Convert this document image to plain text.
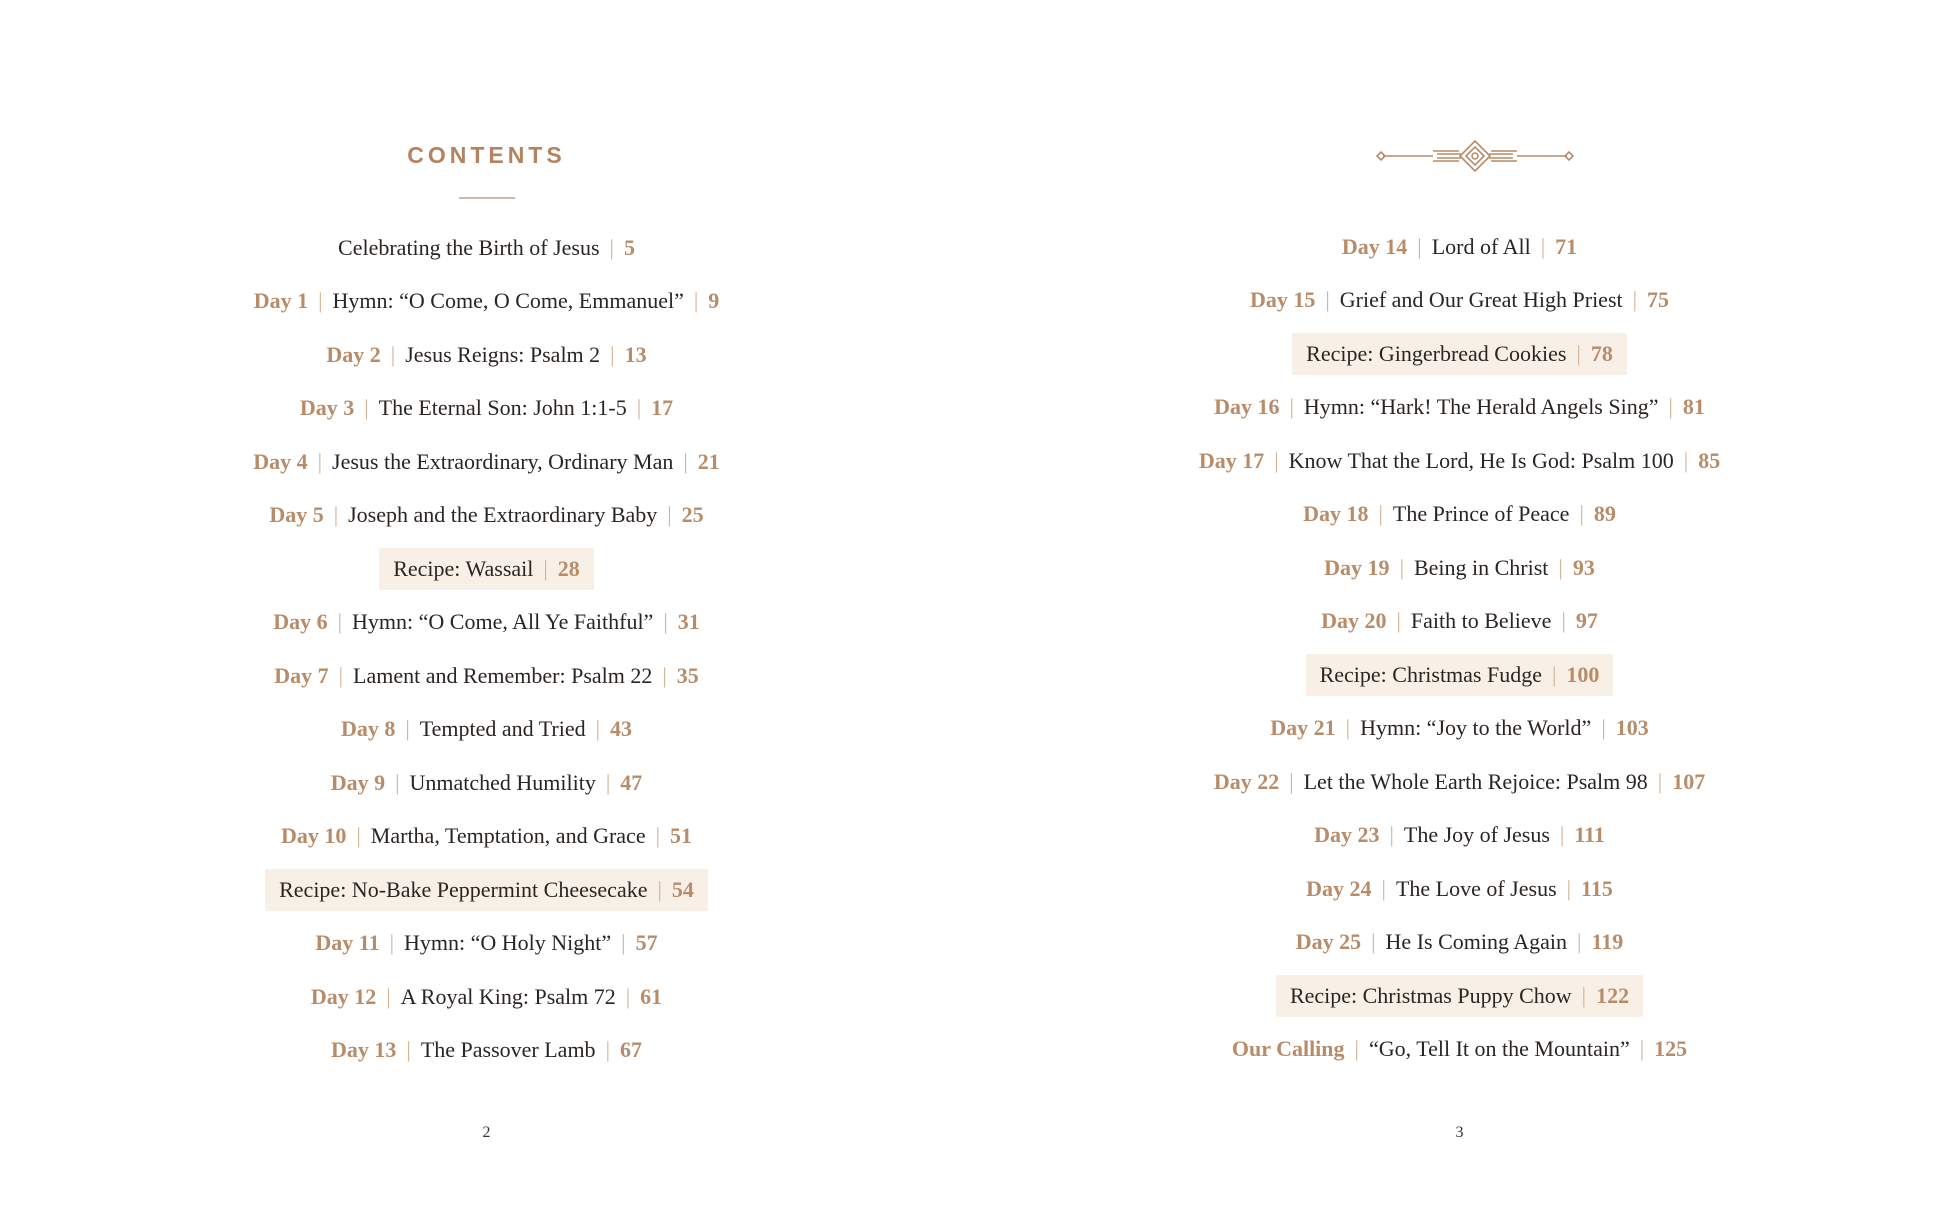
CONTENTS
Celebrating the Birth of Jesus | 5
Day 1 | Hymn: “O Come, O Come, Emmanuel” | 9
Day 2 | Jesus Reigns: Psalm 2 | 13
Day 3 | The Eternal Son: John 1:1-5 | 17
Day 4 | Jesus the Extraordinary, Ordinary Man | 21
Day 5 | Joseph and the Extraordinary Baby | 25
Recipe: Wassail | 28
Day 6 | Hymn: “O Come, All Ye Faithful” | 31
Day 7 | Lament and Remember: Psalm 22 | 35
Day 8 | Tempted and Tried | 43
Day 9 | Unmatched Humility | 47
Day 10 | Martha, Temptation, and Grace | 51
Recipe: No-Bake Peppermint Cheesecake | 54
Day 11 | Hymn: “O Holy Night” | 57
Day 12 | A Royal King: Psalm 72 | 61
Day 13 | The Passover Lamb | 67
2
Day 14 | Lord of All | 71
Day 15 | Grief and Our Great High Priest | 75
Recipe: Gingerbread Cookies | 78
Day 16 | Hymn: “Hark! The Herald Angels Sing” | 81
Day 17 | Know That the Lord, He Is God: Psalm 100 | 85
Day 18 | The Prince of Peace | 89
Day 19 | Being in Christ | 93
Day 20 | Faith to Believe | 97
Recipe: Christmas Fudge | 100
Day 21 | Hymn: “Joy to the World” | 103
Day 22 | Let the Whole Earth Rejoice: Psalm 98 | 107
Day 23 | The Joy of Jesus | 111
Day 24 | The Love of Jesus | 115
Day 25 | He Is Coming Again | 119
Recipe: Christmas Puppy Chow | 122
Our Calling | “Go, Tell It on the Mountain” | 125
3
